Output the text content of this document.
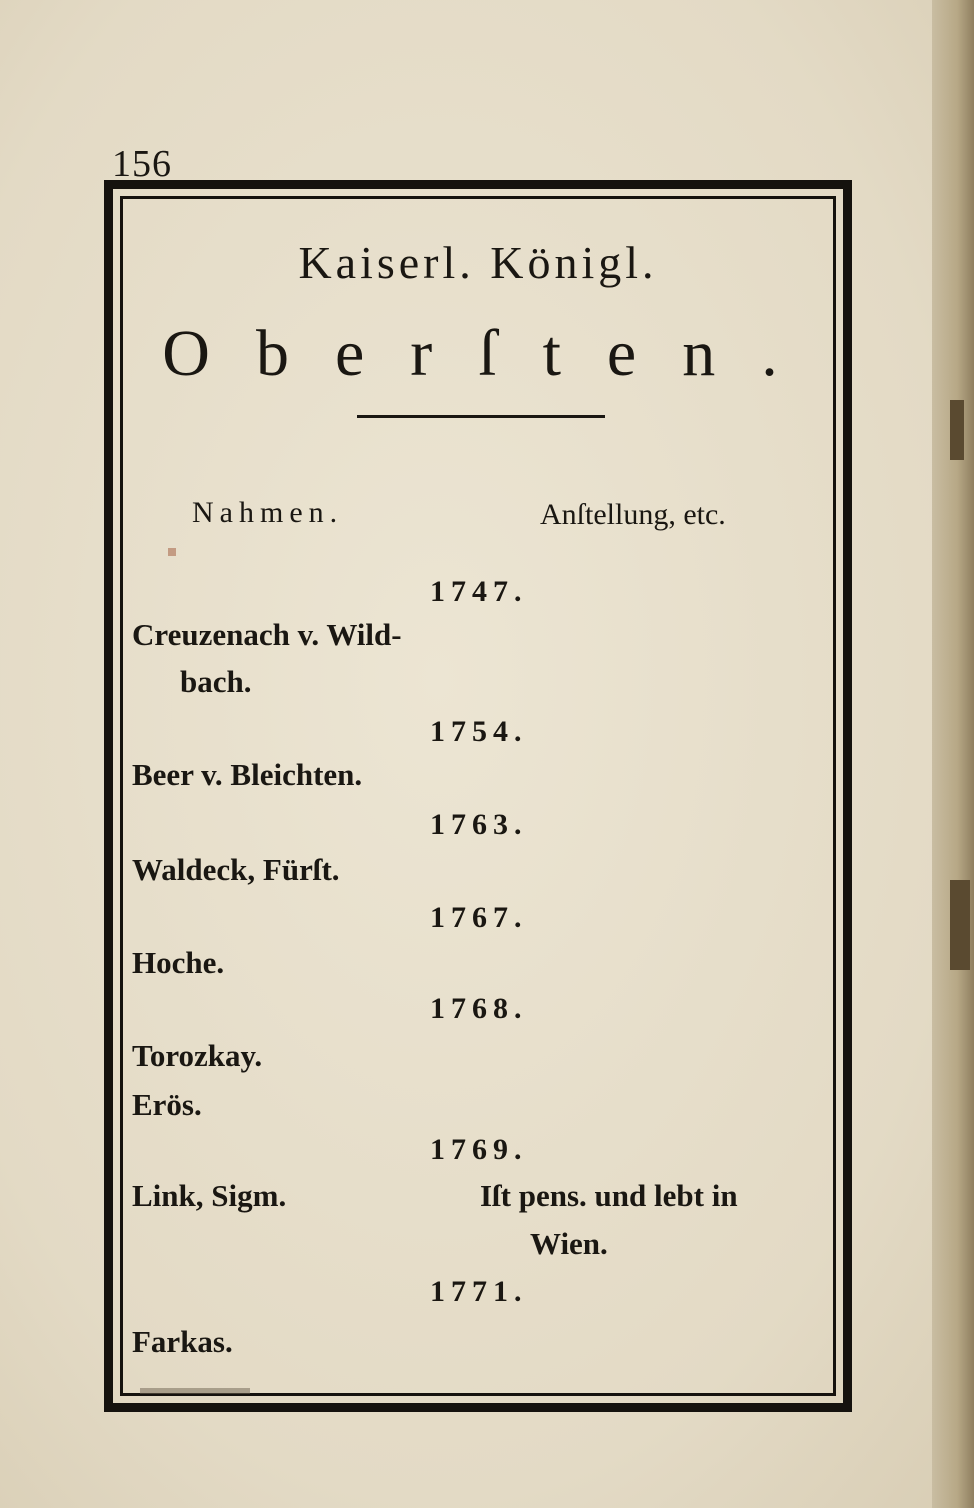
156
Kaiserl. Königl.
Oberſten.
Nahmen.	Anſtellung, etc.
1747.
Creuzenach v. Wild-
bach.
1754.
Beer v. Bleichten.
1763.
Waldeck, Fürſt.
1767.
Hoche.
1768.
Torozkay.
Erös.
1769.
Link, Sigm.	Iſt pens. und lebt in
Wien.
1771.
Farkas.
